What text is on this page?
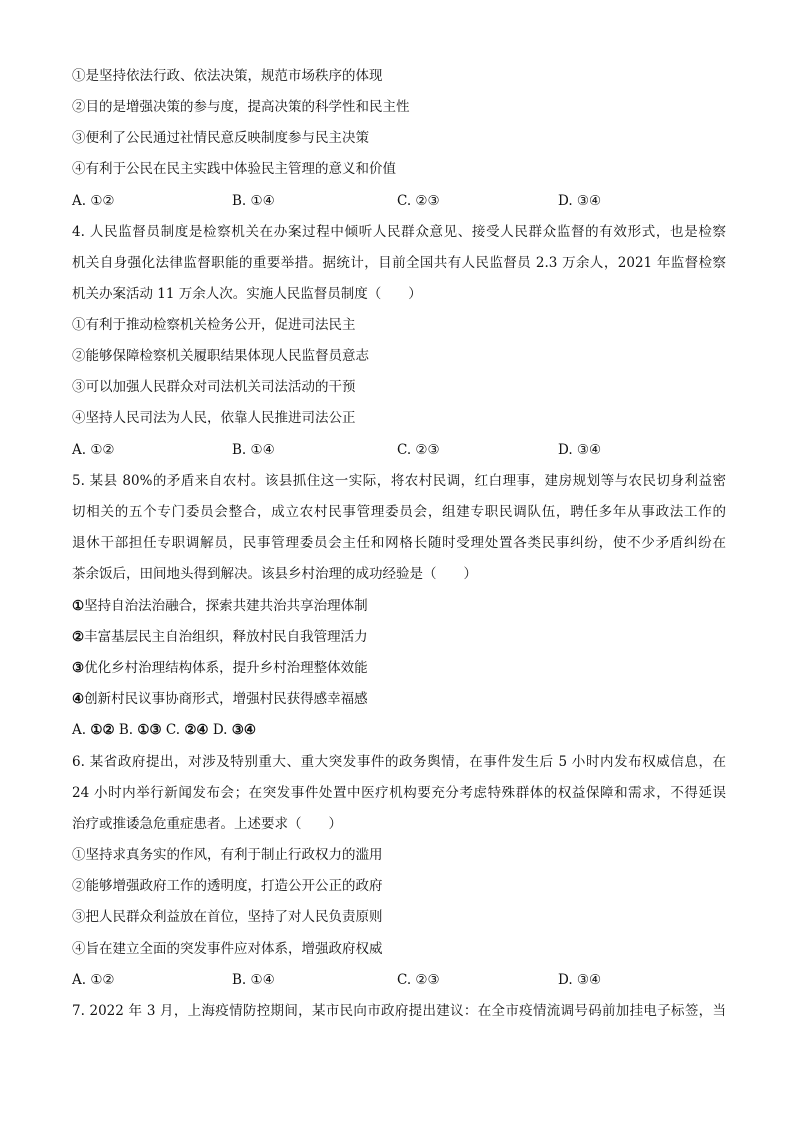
①是坚持依法行政、依法决策，规范市场秩序的体现
②目的是增强决策的参与度，提高决策的科学性和民主性
③便利了公民通过社情民意反映制度参与民主决策
④有利于公民在民主实践中体验民主管理的意义和价值
A. ①②	B. ①④	C. ②③	D. ③④
4. 人民监督员制度是检察机关在办案过程中倾听人民群众意见、接受人民群众监督的有效形式，也是检察
机关自身强化法律监督职能的重要举措。据统计，目前全国共有人民监督员 2.3 万余人，2021 年监督检察
机关办案活动 11 万余人次。实施人民监督员制度（　　）
①有利于推动检察机关检务公开，促进司法民主
②能够保障检察机关履职结果体现人民监督员意志
③可以加强人民群众对司法机关司法活动的干预
④坚持人民司法为人民，依靠人民推进司法公正
A. ①②	B. ①④	C. ②③	D. ③④
5. 某县 80%的矛盾来自农村。该县抓住这一实际，将农村民调，红白理事，建房规划等与农民切身利益密
切相关的五个专门委员会整合，成立农村民事管理委员会，组建专职民调队伍，聘任多年从事政法工作的
退休干部担任专职调解员，民事管理委员会主任和网格长随时受理处置各类民事纠纷，使不少矛盾纠纷在
茶余饭后，田间地头得到解决。该县乡村治理的成功经验是（　　）
①坚持自治法治融合，探索共建共治共享治理体制
②丰富基层民主自治组织，释放村民自我管理活力
③优化乡村治理结构体系，提升乡村治理整体效能
④创新村民议事协商形式，增强村民获得感幸福感
A. ①② B. ①③ C. ②④ D. ③④
6. 某省政府提出，对涉及特别重大、重大突发事件的政务舆情，在事件发生后 5 小时内发布权威信息，在
24 小时内举行新闻发布会；在突发事件处置中医疗机构要充分考虑特殊群体的权益保障和需求，不得延误
治疗或推诿急危重症患者。上述要求（　　）
①坚持求真务实的作风，有利于制止行政权力的滥用
②能够增强政府工作的透明度，打造公开公正的政府
③把人民群众利益放在首位，坚持了对人民负责原则
④旨在建立全面的突发事件应对体系，增强政府权威
A. ①②	B. ①④	C. ②③	D. ③④
7. 2022 年 3 月，上海疫情防控期间，某市民向市政府提出建议：在全市疫情流调号码前加挂电子标签，当
